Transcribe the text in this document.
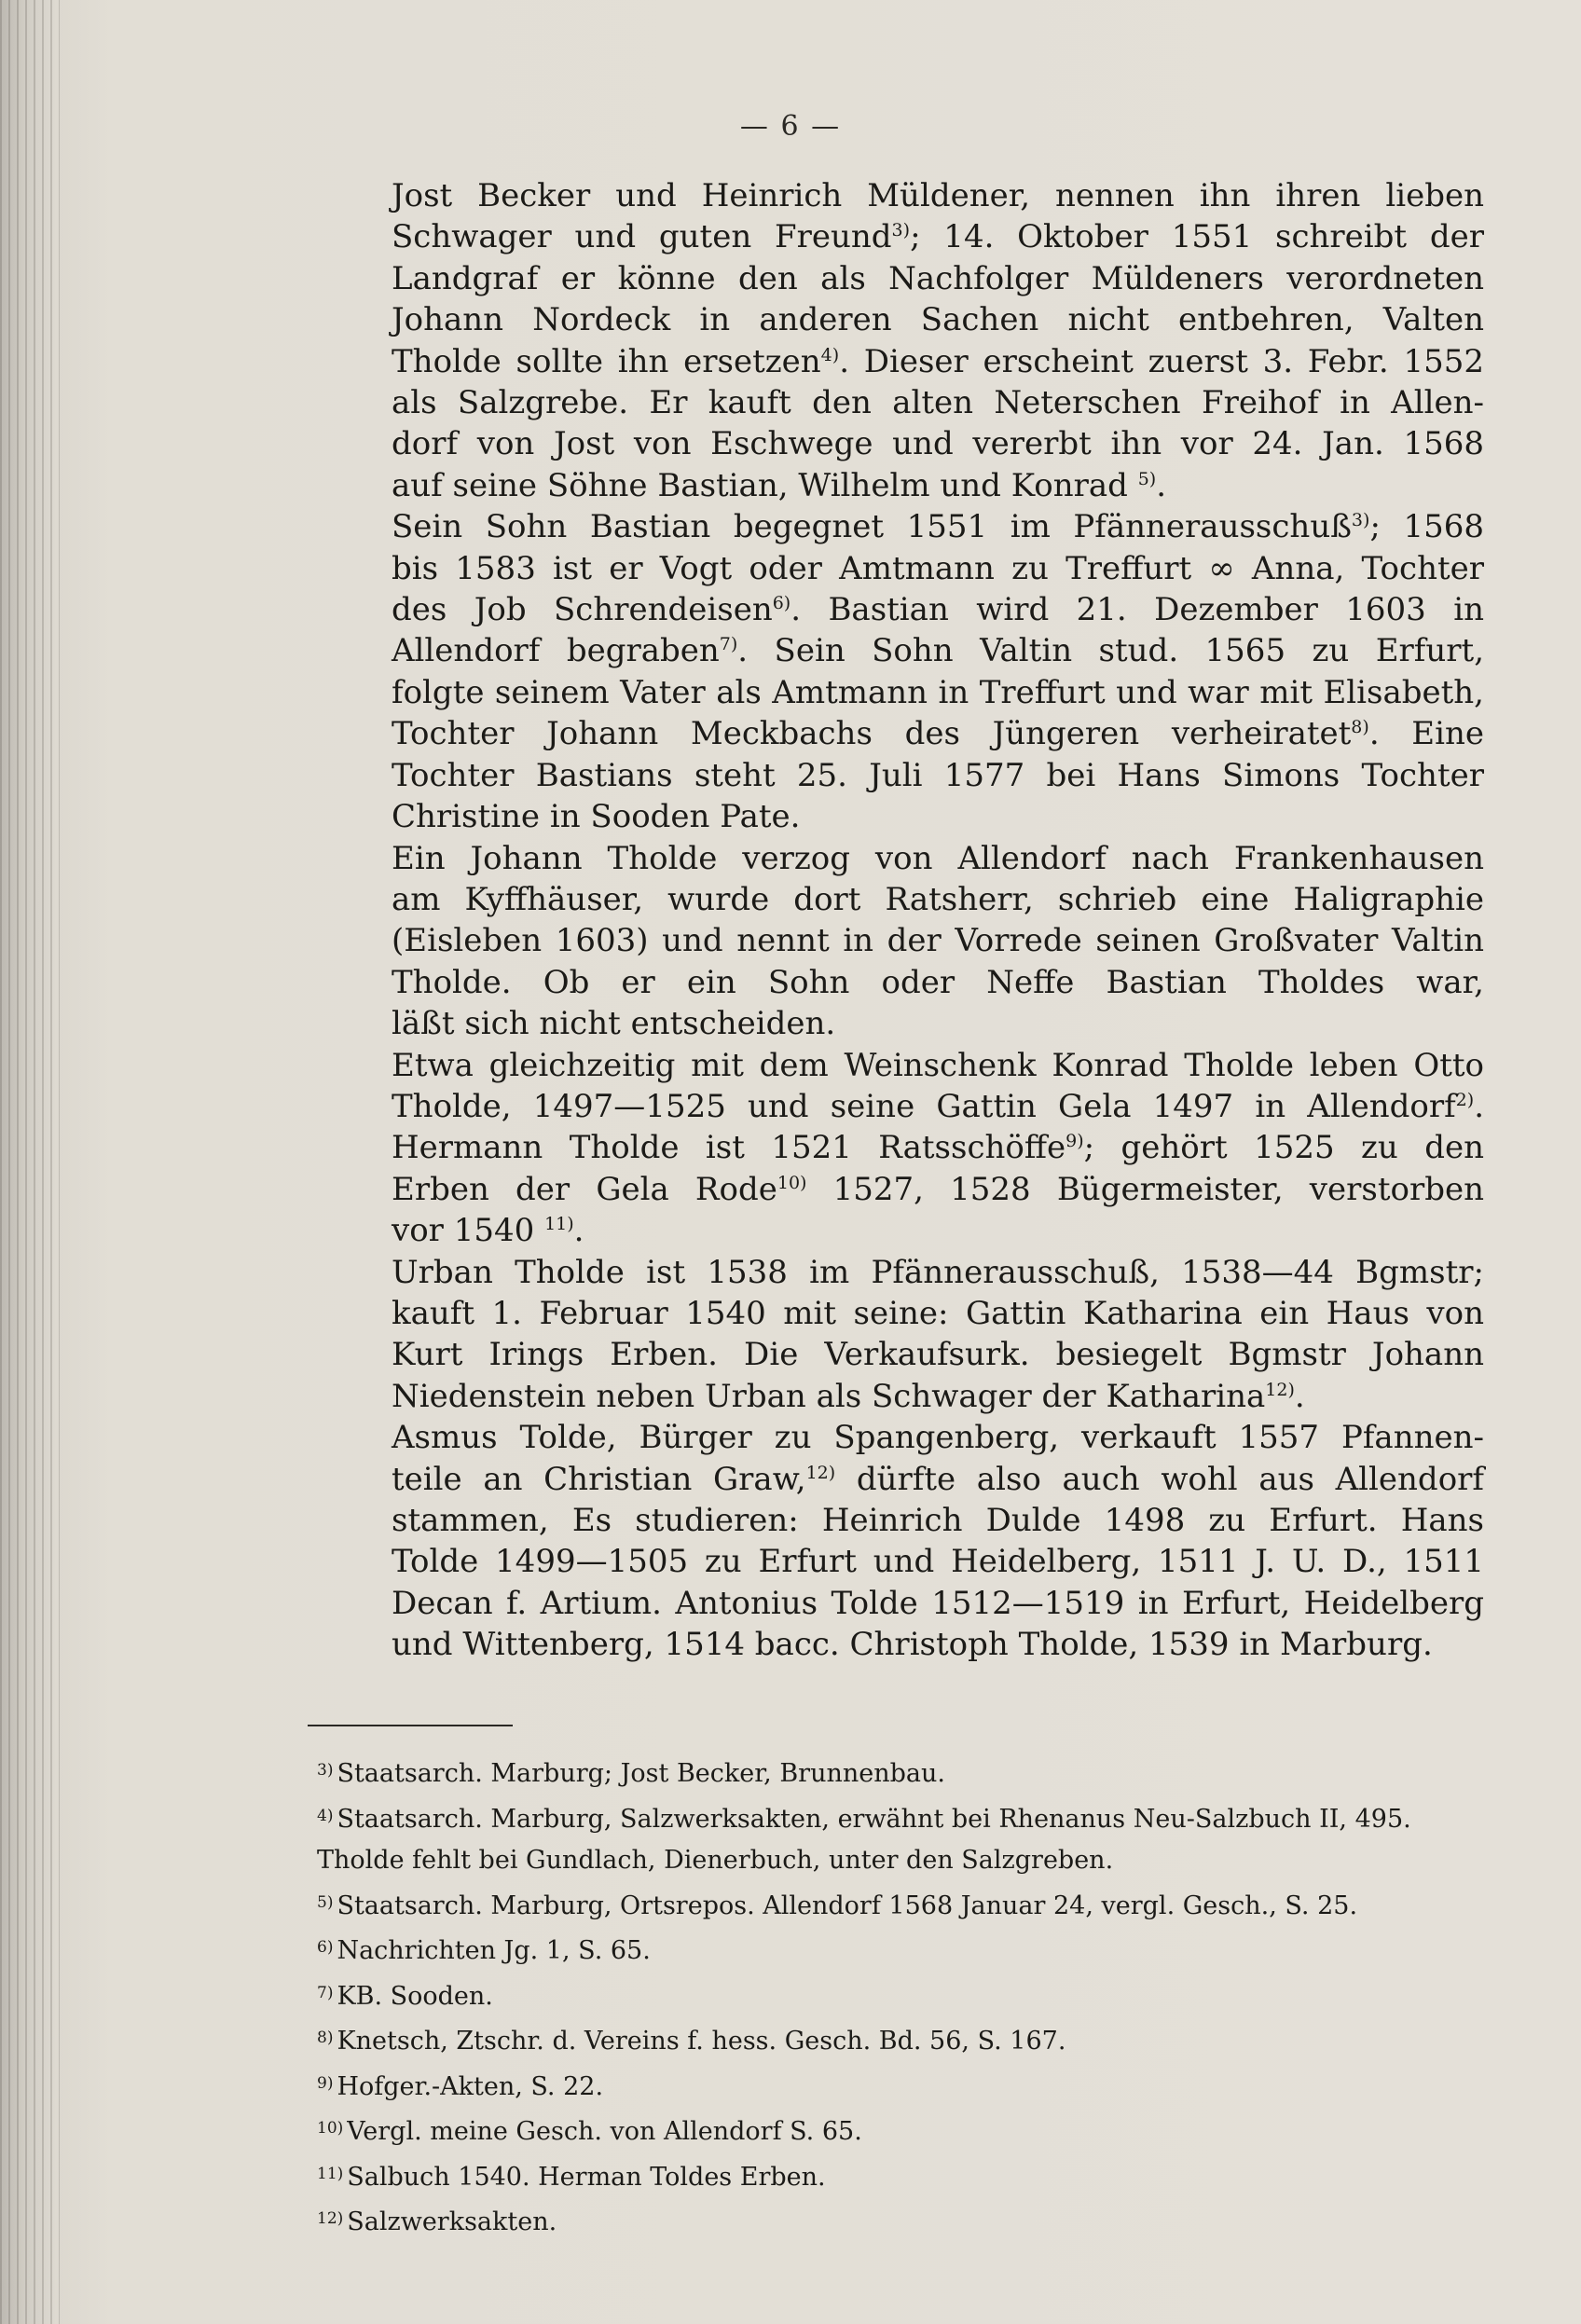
— 6 —

Jost Becker und Heinrich Müldener, nennen ihn ihren lieben
Schwager und guten Freund$^{3)}$; 14. Oktober 1551 schreibt der
Landgraf er könne den als Nachfolger Müldeners verordneten
Johann Nordeck in anderen Sachen nicht entbehren, Valten
Tholde sollte ihn ersetzen$^{4)}$. Dieser erscheint zuerst 3. Febr. 1552
als Salzgrebe. Er kauft den alten Neterschen Freihof in Allen-
dorf von Jost von Eschwege und vererbt ihn vor 24. Jan. 1568
auf seine Söhne Bastian, Wilhelm und Konrad $^{5)}$.

Sein Sohn Bastian begegnet 1551 im Pfännerausschuß$^{3)}$; 1568
bis 1583 ist er Vogt oder Amtmann zu Treffurt ∞ Anna, Tochter
des Job Schrendeisen$^{6)}$. Bastian wird 21. Dezember 1603 in
Allendorf begraben$^{7)}$. Sein Sohn Valtin stud. 1565 zu Erfurt,
folgte seinem Vater als Amtmann in Treffurt und war mit Elisabeth,
Tochter Johann Meckbachs des Jüngeren verheiratet$^{8)}$. Eine
Tochter Bastians steht 25. Juli 1577 bei Hans Simons Tochter
Christine in Sooden Pate.

Ein Johann Tholde verzog von Allendorf nach Frankenhausen
am Kyffhäuser, wurde dort Ratsherr, schrieb eine Haligraphie
(Eisleben 1603) und nennt in der Vorrede seinen Großvater Valtin
Tholde. Ob er ein Sohn oder Neffe Bastian Tholdes war,
läßt sich nicht entscheiden.

Etwa gleichzeitig mit dem Weinschenk Konrad Tholde leben Otto
Tholde, 1497—1525 und seine Gattin Gela 1497 in Allendorf$^{2)}$.
Hermann Tholde ist 1521 Ratsschöffe$^{9)}$; gehört 1525 zu den
Erben der Gela Rode$^{10)}$ 1527, 1528 Bügermeister, verstorben
vor 1540 $^{11)}$.

Urban Tholde ist 1538 im Pfännerausschuß, 1538—44 Bgmstr;
kauft 1. Februar 1540 mit seine: Gattin Katharina ein Haus von
Kurt Irings Erben. Die Verkaufsurk. besiegelt Bgmstr Johann
Niedenstein neben Urban als Schwager der Katharina$^{12)}$.

Asmus Tolde, Bürger zu Spangenberg, verkauft 1557 Pfannen-
teile an Christian Graw,$^{12)}$ dürfte also auch wohl aus Allendorf
stammen, Es studieren: Heinrich Dulde 1498 zu Erfurt. Hans
Tolde 1499—1505 zu Erfurt und Heidelberg, 1511 J. U. D., 1511
Decan f. Artium. Antonius Tolde 1512—1519 in Erfurt, Heidelberg
und Wittenberg, 1514 bacc. Christoph Tholde, 1539 in Marburg.

$^{3)}$ Staatsarch. Marburg; Jost Becker, Brunnenbau.
$^{4)}$ Staatsarch. Marburg, Salzwerksakten, erwähnt bei Rhenanus Neu-Salzbuch II, 495.
Tholde fehlt bei Gundlach, Dienerbuch, unter den Salzgreben.
$^{5)}$ Staatsarch. Marburg, Ortsrepos. Allendorf 1568 Januar 24, vergl. Gesch., S. 25.
$^{6)}$ Nachrichten Jg. 1, S. 65.
$^{7)}$ KB. Sooden.
$^{8)}$ Knetsch, Ztschr. d. Vereins f. hess. Gesch. Bd. 56, S. 167.
$^{9)}$ Hofger.-Akten, S. 22.
$^{10)}$ Vergl. meine Gesch. von Allendorf S. 65.
$^{11)}$ Salbuch 1540. Herman Toldes Erben.
$^{12)}$ Salzwerksakten.
